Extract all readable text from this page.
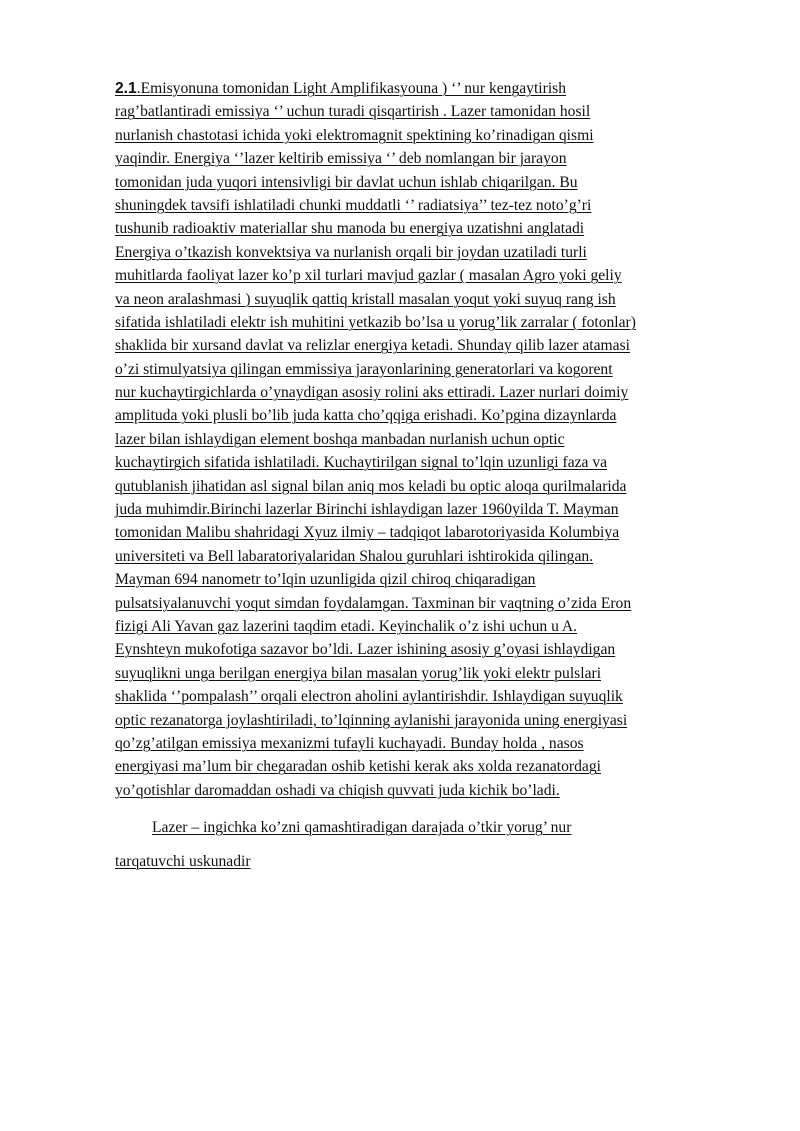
2.1.Emisyonuna tomonidan Light Amplifikasyouna ) ‘’ nur kengaytirish
rag’batlantiradi emissiya ‘’ uchun turadi qisqartirish . Lazer tamonidan hosil
nurlanish chastotasi ichida yoki elektromagnit spektining ko’rinadigan qismi
yaqindir. Energiya ‘’lazer keltirib emissiya ‘’ deb nomlangan bir jarayon
tomonidan juda yuqori intensivligi bir davlat uchun ishlab chiqarilgan. Bu
shuningdek tavsifi ishlatiladi chunki muddatli ‘’ radiatsiya’’ tez-tez noto’g’ri
tushunib radioaktiv materiallar shu manoda bu energiya uzatishni anglatadi
Energiya o’tkazish konvektsiya va nurlanish orqali bir joydan uzatiladi turli
muhitlarda faoliyat lazer ko’p xil turlari mavjud gazlar ( masalan Agro yoki geliy
va neon aralashmasi ) suyuqlik qattiq kristall masalan yoqut yoki suyuq rang ish
sifatida ishlatiladi elektr ish muhitini yetkazib bo’lsa u yorug’lik zarralar ( fotonlar)
shaklida bir xursand davlat va relizlar energiya ketadi. Shunday qilib lazer atamasi
o’zi stimulyatsiya qilingan emmissiya jarayonlarining generatorlari va kogorent
nur kuchaytirgichlarda o’ynaydigan asosiy rolini aks ettiradi. Lazer nurlari doimiy
amplituda yoki plusli bo’lib juda katta cho’qqiga erishadi. Ko’pgina dizaynlarda
lazer bilan ishlaydigan element boshqa manbadan nurlanish uchun optic
kuchaytirgich sifatida ishlatiladi. Kuchaytirilgan signal to’lqin uzunligi faza va
qutublanish jihatidan asl signal bilan aniq mos keladi bu optic aloqa qurilmalarida
juda muhimdir.Birinchi lazerlar Birinchi ishlaydigan lazer 1960yilda T. Mayman
tomonidan Malibu shahridagi Xyuz ilmiy – tadqiqot labarotoriyasida Kolumbiya
universiteti va Bell labaratoriyalaridan Shalou guruhlari ishtirokida qilingan.
Mayman 694 nanometr to’lqin uzunligida qizil chiroq chiqaradigan
pulsatsiyalanuvchi yoqut simdan foydalamgan. Taxminan bir vaqtning o’zida Eron
fizigi Ali Yavan gaz lazerini taqdim etadi. Keyinchalik o’z ishi uchun u A.
Eynshteyn mukofotiga sazavor bo’ldi. Lazer ishining asosiy g’oyasi ishlaydigan
suyuqlikni unga berilgan energiya bilan masalan yorug’lik yoki elektr pulslari
shaklida ‘’pompalash’’ orqali electron aholini aylantirishdir. Ishlaydigan suyuqlik
optic rezanatorga joylashtiriladi, to’lqinning aylanishi jarayonida uning energiyasi
qo’zg’atilgan emissiya mexanizmi tufayli kuchayadi. Bunday holda , nasos
energiyasi ma’lum bir chegaradan oshib ketishi kerak aks xolda rezanatordagi
yo’qotishlar daromaddan oshadi va chiqish quvvati juda kichik bo’ladi.
Lazer – ingichka ko’zni qamashtiradigan darajada o’tkir yorug’ nur
tarqatuvchi uskunadir
